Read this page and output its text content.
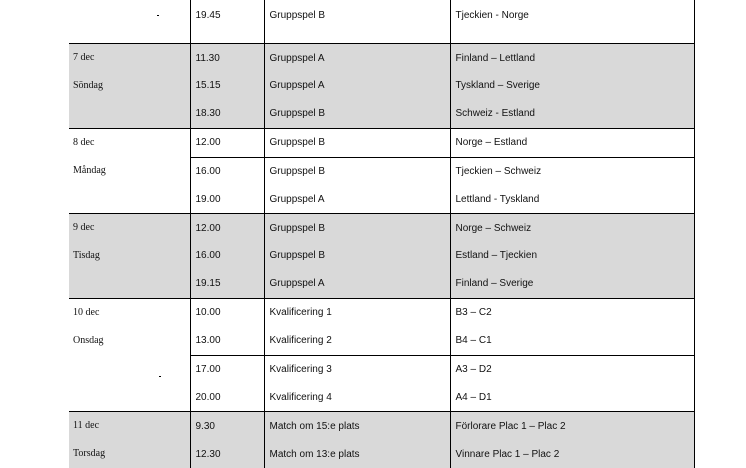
	19.45	Gruppspel B	Tjeckien - Norge

7 dec
Söndag	11.30	Gruppspel A	Finland – Lettland
	15.15	Gruppspel A	Tyskland – Sverige
	18.30	Gruppspel B	Schweiz - Estland

8 dec
Måndag	12.00	Gruppspel B	Norge – Estland
	16.00	Gruppspel B	Tjeckien – Schweiz
	19.00	Gruppspel A	Lettland - Tyskland

9 dec
Tisdag	12.00	Gruppspel B	Norge – Schweiz
	16.00	Gruppspel B	Estland – Tjeckien
	19.15	Gruppspel A	Finland – Sverige

10 dec
Onsdag	10.00	Kvalificering 1	B3 – C2
	13.00	Kvalificering 2	B4 – C1
	17.00	Kvalificering 3	A3 – D2
	20.00	Kvalificering 4	A4 – D1

11 dec
Torsdag	9.30	Match om 15:e plats	Förlorare Plac 1 – Plac 2
	12.30	Match om 13:e plats	Vinnare Plac 1 – Plac 2
